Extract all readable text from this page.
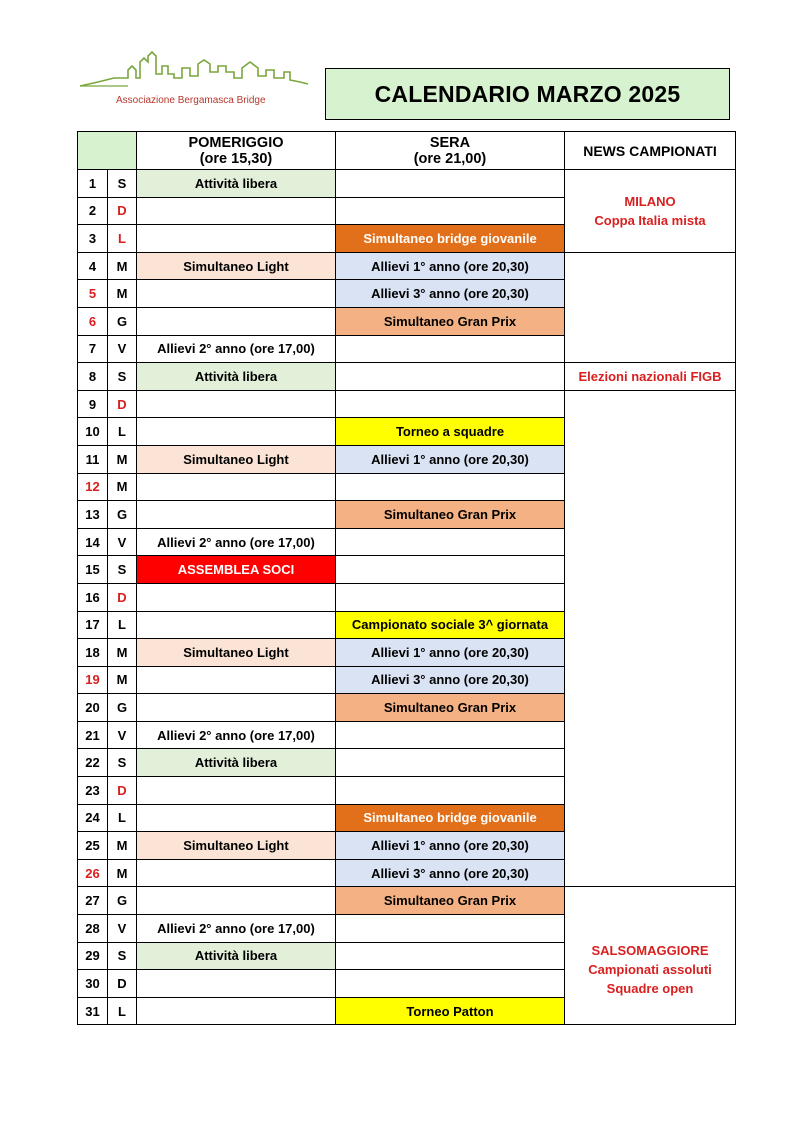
Associazione Bergamasca Bridge	CALENDARIO MARZO 2025
		POMERIGGIO
(ore 15,30)	SERA
(ore 21,00)	NEWS CAMPIONATI
1	S	Attività libera		MILANO
Coppa Italia mista

2	D			
3	L		Simultaneo bridge giovanile	
4	M	Simultaneo Light	Allievi 1° anno (ore 20,30)	
5	M		Allievi 3° anno (ore 20,30)	
6	G		Simultaneo Gran Prix	
7	V	Allievi 2° anno (ore 17,00)		
8	S	Attività libera		Elezioni nazionali FIGB

9	D			
10	L		Torneo a squadre	
11	M	Simultaneo Light	Allievi 1° anno (ore 20,30)	
12	M			
13	G		Simultaneo Gran Prix	
14	V	Allievi 2° anno (ore 17,00)		
15	S	ASSEMBLEA SOCI		
16	D			
17	L		Campionato sociale 3^ giornata	
18	M	Simultaneo Light	Allievi 1° anno (ore 20,30)	
19	M		Allievi 3° anno (ore 20,30)	
20	G		Simultaneo Gran Prix	
21	V	Allievi 2° anno (ore 17,00)		
22	S	Attività libera		
23	D			
24	L		Simultaneo bridge giovanile	
25	M	Simultaneo Light	Allievi 1° anno (ore 20,30)	
26	M		Allievi 3° anno (ore 20,30)	
27	G		Simultaneo Gran Prix	SALSOMAGGIORE
Campionati assoluti
Squadre open

28	V	Allievi 2° anno (ore 17,00)		
29	S	Attività libera		
30	D			
31	L		Torneo Patton	
